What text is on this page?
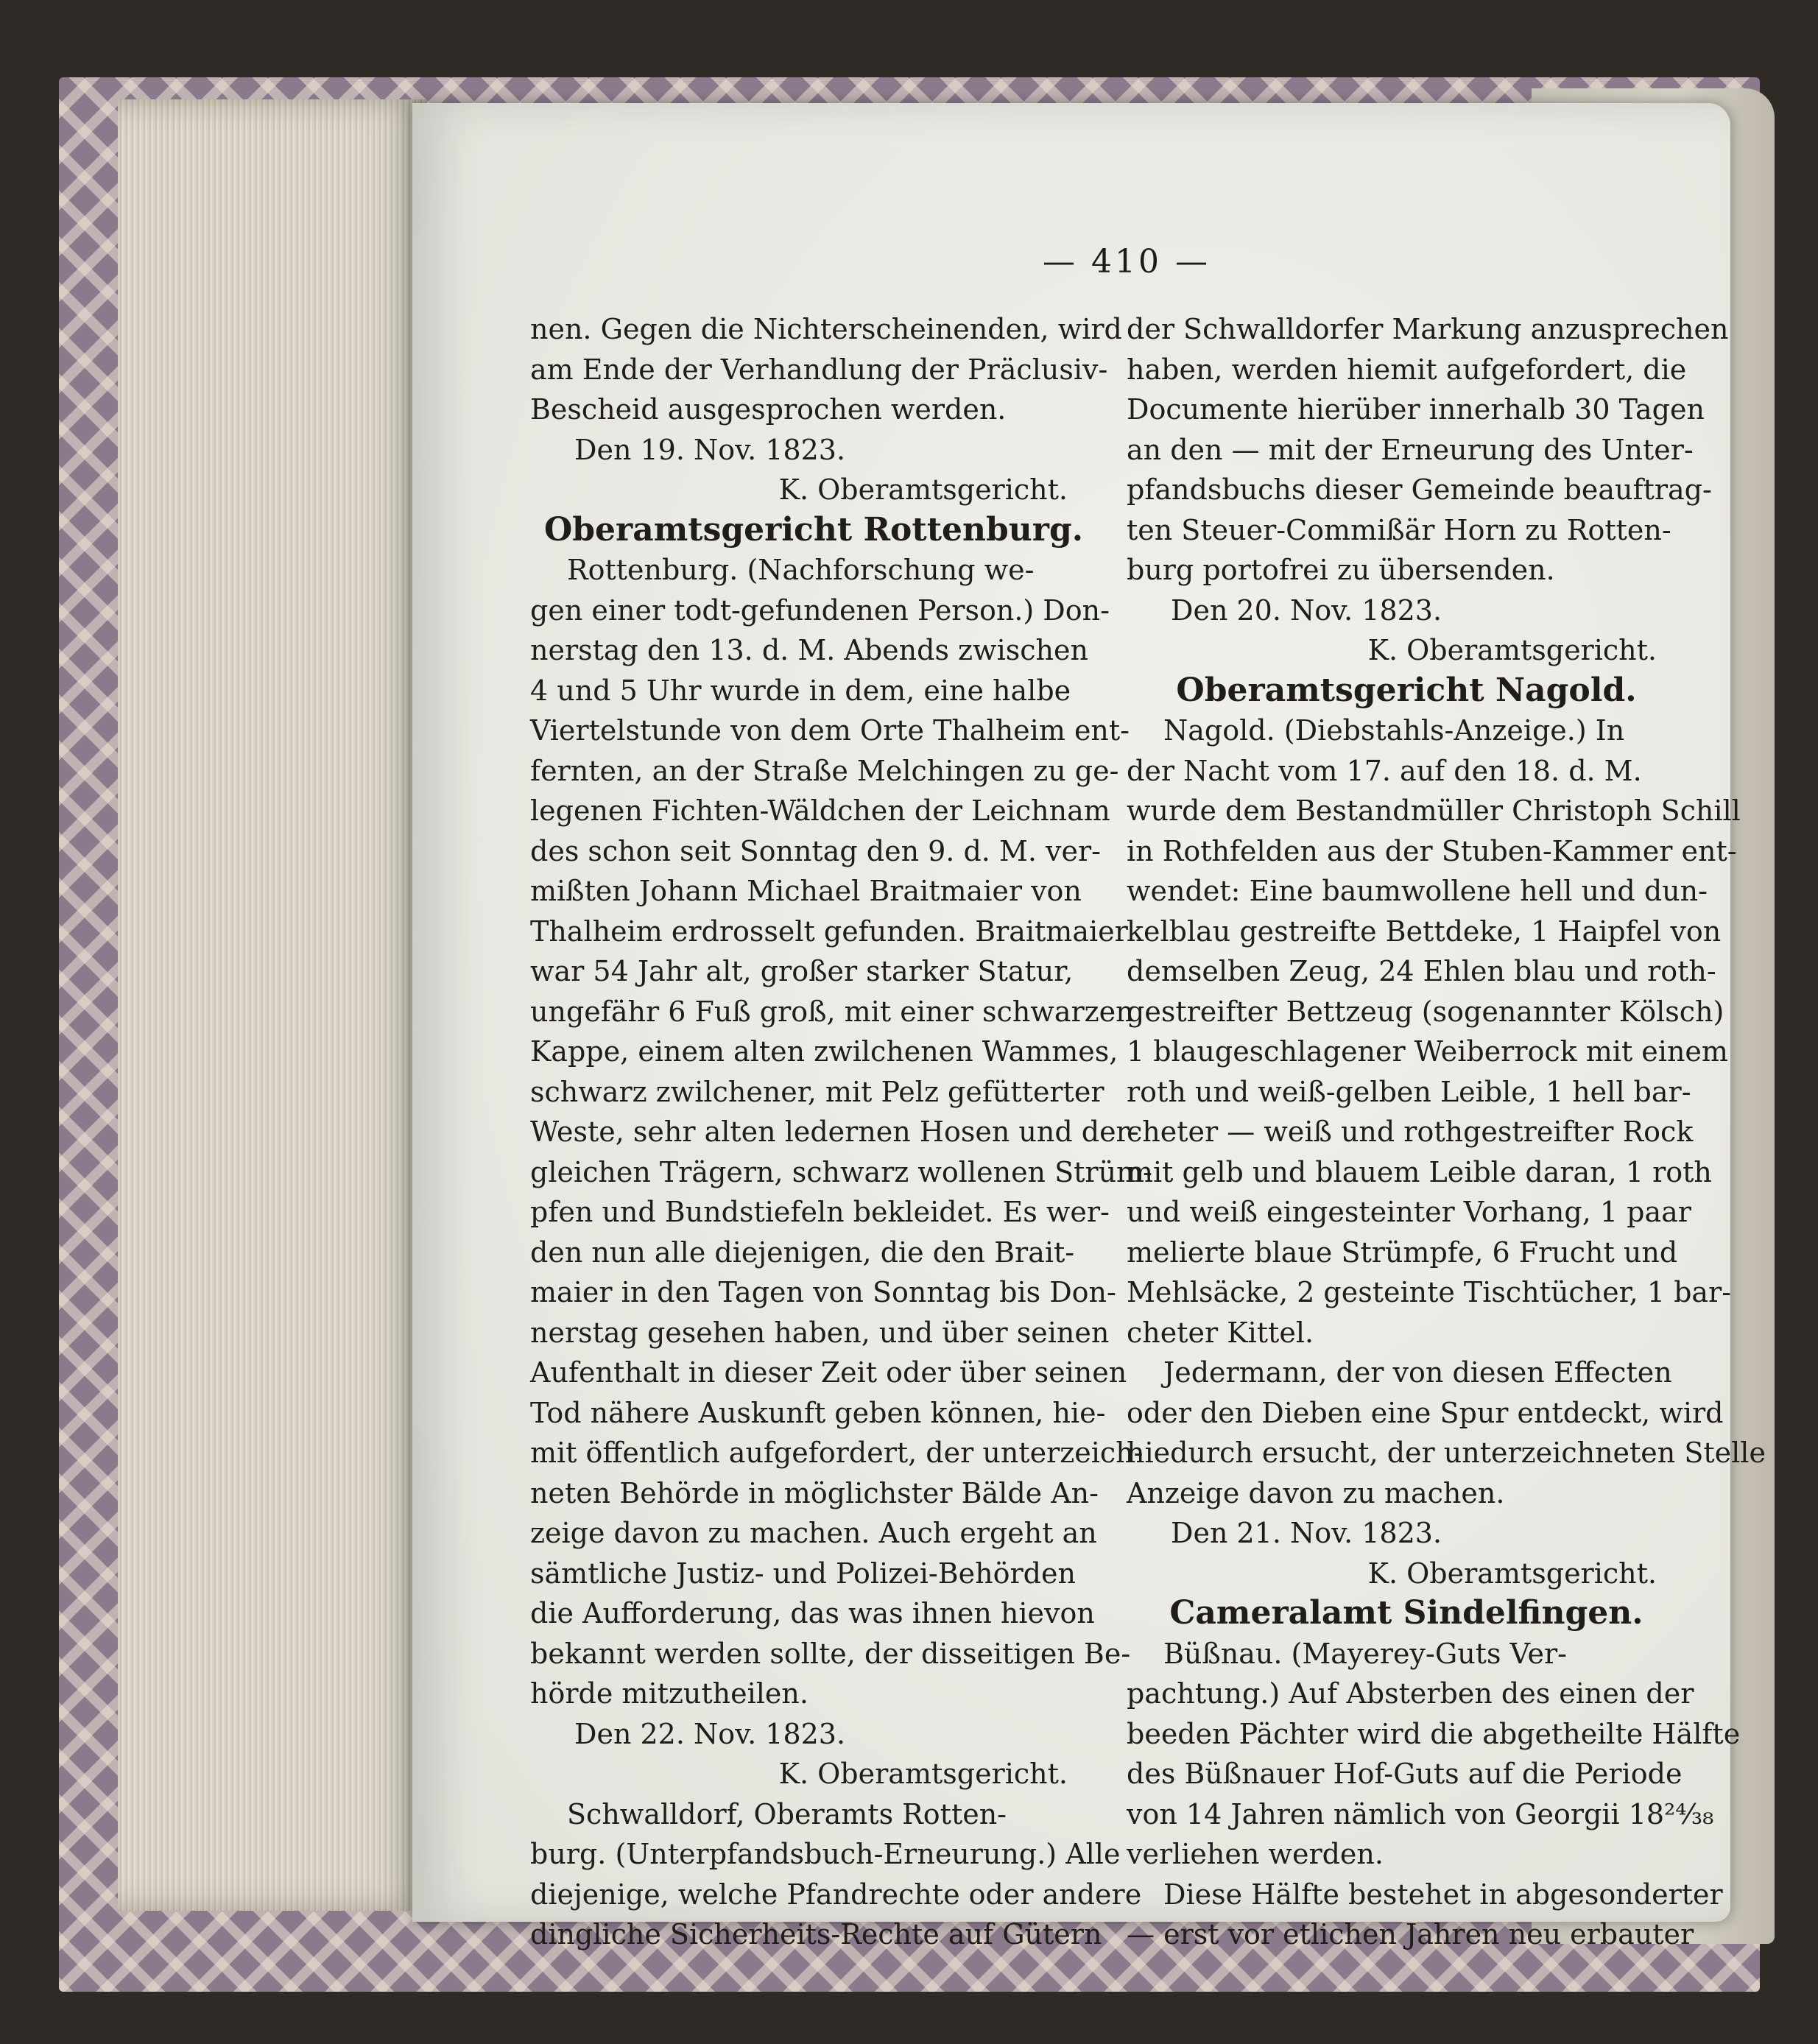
— 410 —
nen. Gegen die Nichterscheinenden, wird
am Ende der Verhandlung der Präclusiv-
Bescheid ausgesprochen werden.
Den 19. Nov. 1823.
K. Oberamtsgericht.
Oberamtsgericht Rottenburg.
Rottenburg. (Nachforschung we-
gen einer todt-gefundenen Person.) Don-
nerstag den 13. d. M. Abends zwischen
4 und 5 Uhr wurde in dem, eine halbe
Viertelstunde von dem Orte Thalheim ent-
fernten, an der Straße Melchingen zu ge-
legenen Fichten-Wäldchen der Leichnam
des schon seit Sonntag den 9. d. M. ver-
mißten Johann Michael Braitmaier von
Thalheim erdrosselt gefunden. Braitmaier
war 54 Jahr alt, großer starker Statur,
ungefähr 6 Fuß groß, mit einer schwarzen
Kappe, einem alten zwilchenen Wammes,
schwarz zwilchener, mit Pelz gefütterter
Weste, sehr alten ledernen Hosen und der-
gleichen Trägern, schwarz wollenen Strüm-
pfen und Bundstiefeln bekleidet. Es wer-
den nun alle diejenigen, die den Brait-
maier in den Tagen von Sonntag bis Don-
nerstag gesehen haben, und über seinen
Aufenthalt in dieser Zeit oder über seinen
Tod nähere Auskunft geben können, hie-
mit öffentlich aufgefordert, der unterzeich-
neten Behörde in möglichster Bälde An-
zeige davon zu machen. Auch ergeht an
sämtliche Justiz- und Polizei-Behörden
die Aufforderung, das was ihnen hievon
bekannt werden sollte, der disseitigen Be-
hörde mitzutheilen.
Den 22. Nov. 1823.
K. Oberamtsgericht.
Schwalldorf, Oberamts Rotten-
burg. (Unterpfandsbuch-Erneurung.) Alle
diejenige, welche Pfandrechte oder andere
dingliche Sicherheits-Rechte auf Gütern
der Schwalldorfer Markung anzusprechen
haben, werden hiemit aufgefordert, die
Documente hierüber innerhalb 30 Tagen
an den — mit der Erneurung des Unter-
pfandsbuchs dieser Gemeinde beauftrag-
ten Steuer-Commißär Horn zu Rotten-
burg portofrei zu übersenden.
Den 20. Nov. 1823.
K. Oberamtsgericht.
Oberamtsgericht Nagold.
Nagold. (Diebstahls-Anzeige.) In
der Nacht vom 17. auf den 18. d. M.
wurde dem Bestandmüller Christoph Schill
in Rothfelden aus der Stuben-Kammer ent-
wendet: Eine baumwollene hell und dun-
kelblau gestreifte Bettdeke, 1 Haipfel von
demselben Zeug, 24 Ehlen blau und roth-
gestreifter Bettzeug (sogenannter Kölsch)
1 blaugeschlagener Weiberrock mit einem
roth und weiß-gelben Leible, 1 hell bar-
cheter — weiß und rothgestreifter Rock
mit gelb und blauem Leible daran, 1 roth
und weiß eingesteinter Vorhang, 1 paar
melierte blaue Strümpfe, 6 Frucht und
Mehlsäcke, 2 gesteinte Tischtücher, 1 bar-
cheter Kittel.
Jedermann, der von diesen Effecten
oder den Dieben eine Spur entdeckt, wird
hiedurch ersucht, der unterzeichneten Stelle
Anzeige davon zu machen.
Den 21. Nov. 1823.
K. Oberamtsgericht.
Cameralamt Sindelfingen.
Büßnau. (Mayerey-Guts Ver-
pachtung.) Auf Absterben des einen der
beeden Pächter wird die abgetheilte Hälfte
des Büßnauer Hof-Guts auf die Periode
von 14 Jahren nämlich von Georgii 18²⁴⁄₃₈
verliehen werden.
Diese Hälfte bestehet in abgesonderter
— erst vor etlichen Jahren neu erbauter
